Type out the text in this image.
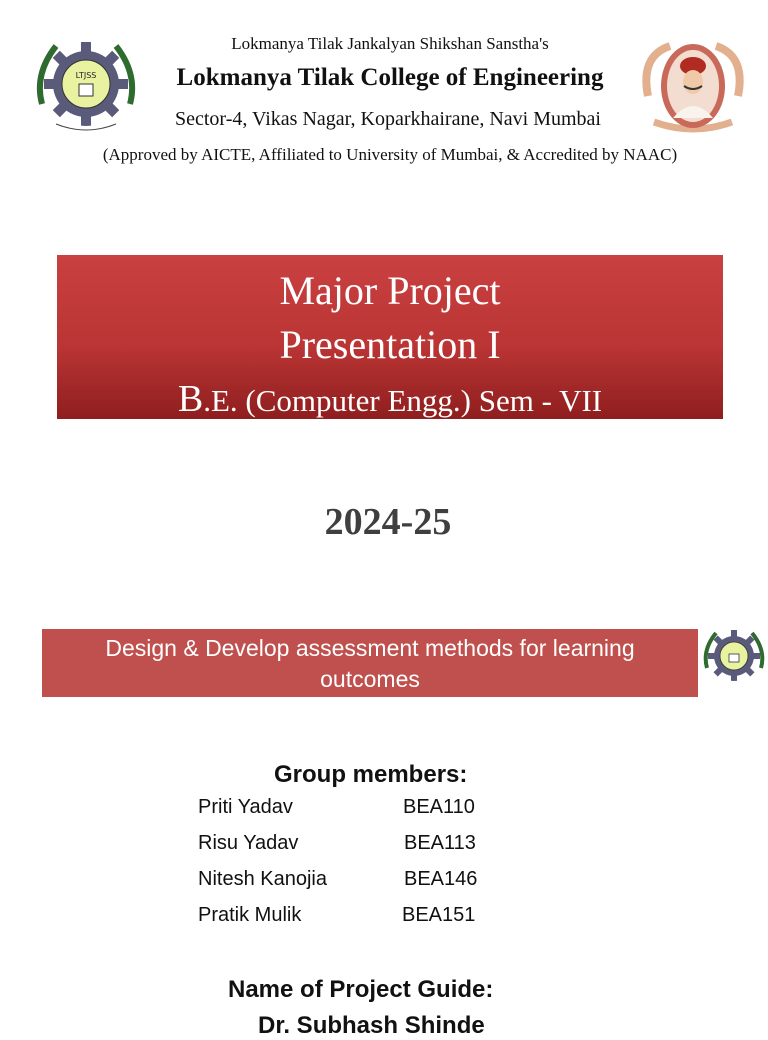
LTJSS
Lokmanya Tilak Jankalyan Shikshan Sanstha's
Lokmanya Tilak College of Engineering
Sector-4, Vikas Nagar, Koparkhairane, Navi Mumbai
(Approved by AICTE, Affiliated to University of Mumbai, & Accredited by NAAC)
Major Project
Presentation I
B.E. (Computer Engg.) Sem - VII
2024-25
Design & Develop assessment methods for learning
outcomes
Group members:
Priti Yadav	BEA110
Risu Yadav	BEA113
Nitesh Kanojia	BEA146
Pratik Mulik	BEA151
Name of Project Guide:
Dr. Subhash Shinde
